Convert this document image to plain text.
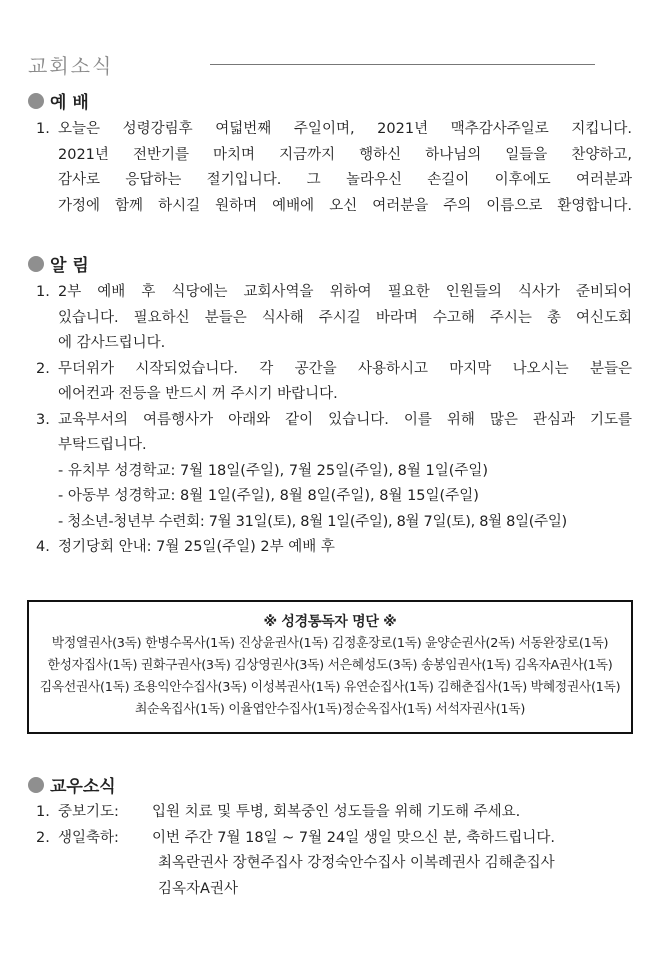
교회소식
예 배
1. 오늘은 성령강림후 여덟번째 주일이며, 2021년 맥추감사주일로 지킵니다.
2021년 전반기를 마치며 지금까지 행하신 하나님의 일들을 찬양하고,
감사로 응답하는 절기입니다. 그 놀라우신 손길이 이후에도 여러분과
가정에 함께 하시길 원하며 예배에 오신 여러분을 주의 이름으로 환영합니다.
알 림
1. 2부 예배 후 식당에는 교회사역을 위하여 필요한 인원들의 식사가 준비되어
있습니다. 필요하신 분들은 식사해 주시길 바라며 수고해 주시는 총 여신도회
에 감사드립니다.
2. 무더위가 시작되었습니다. 각 공간을 사용하시고 마지막 나오시는 분들은
에어컨과 전등을 반드시 꺼 주시기 바랍니다.
3. 교육부서의 여름행사가 아래와 같이 있습니다. 이를 위해 많은 관심과 기도를
부탁드립니다.
- 유치부 성경학교: 7월 18일(주일), 7월 25일(주일), 8월 1일(주일)
- 아동부 성경학교: 8월 1일(주일), 8월 8일(주일), 8월 15일(주일)
- 청소년-청년부 수련회: 7월 31일(토), 8월 1일(주일), 8월 7일(토), 8월 8일(주일)
4. 정기당회 안내: 7월 25일(주일) 2부 예배 후
※ 성경통독자 명단 ※
박정열권사(3독) 한병수목사(1독) 진상윤권사(1독) 김정훈장로(1독) 윤양순권사(2독) 서동완장로(1독)
한성자집사(1독) 권화구권사(3독) 김상영권사(3독) 서은혜성도(3독) 송봉임권사(1독) 김옥자A권사(1독)
김옥선권사(1독) 조용익안수집사(3독) 이성복권사(1독) 유연순집사(1독) 김해춘집사(1독) 박혜정권사(1독)
최순옥집사(1독) 이율엽안수집사(1독)정순옥집사(1독) 서석자권사(1독)
교우소식
1. 중보기도: 입원 치료 및 투병, 회복중인 성도들을 위해 기도해 주세요.
2. 생일축하: 이번 주간 7월 18일 ~ 7월 24일 생일 맞으신 분, 축하드립니다.
최옥란권사 장현주집사 강정숙안수집사 이복례권사 김해춘집사
김옥자A권사
